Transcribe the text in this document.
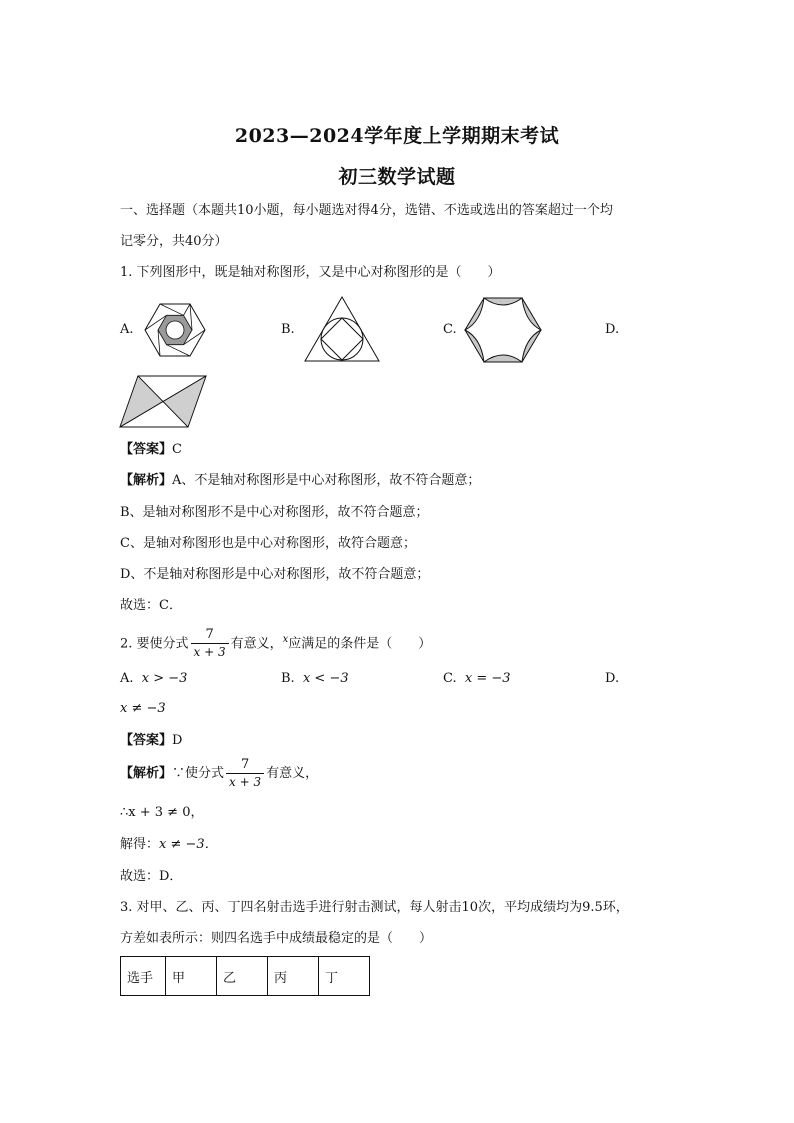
2023—2024学年度上学期期末考试
初三数学试题
一、选择题（本题共10小题，每小题选对得4分，选错、不选或选出的答案超过一个均
记零分，共40分）
1. 下列图形中，既是轴对称图形，又是中心对称图形的是（　　）
A.	B.	C.	D.
【答案】C
【解析】A、不是轴对称图形是中心对称图形，故不符合题意；
B、是轴对称图形不是中心对称图形，故不符合题意；
C、是轴对称图形也是中心对称图形，故符合题意；
D、不是轴对称图形是中心对称图形，故不符合题意；
故选：C．
2. 要使分式 $\frac{7}{x + 3}$ 有意义，$^x$应满足的条件是（　　）
A. x > −3	B. x < −3	C. x = −3	D.
x ≠ −3
【答案】D
【解析】∵使分式 $\frac{7}{x + 3}$ 有意义，
∴x + 3 ≠ 0，
解得：x ≠ −3．
故选：D．
3. 对甲、乙、丙、丁四名射击选手进行射击测试，每人射击10次，平均成绩均为9.5环，
方差如表所示：则四名选手中成绩最稳定的是（　　）
选手	甲	乙	丙	丁
